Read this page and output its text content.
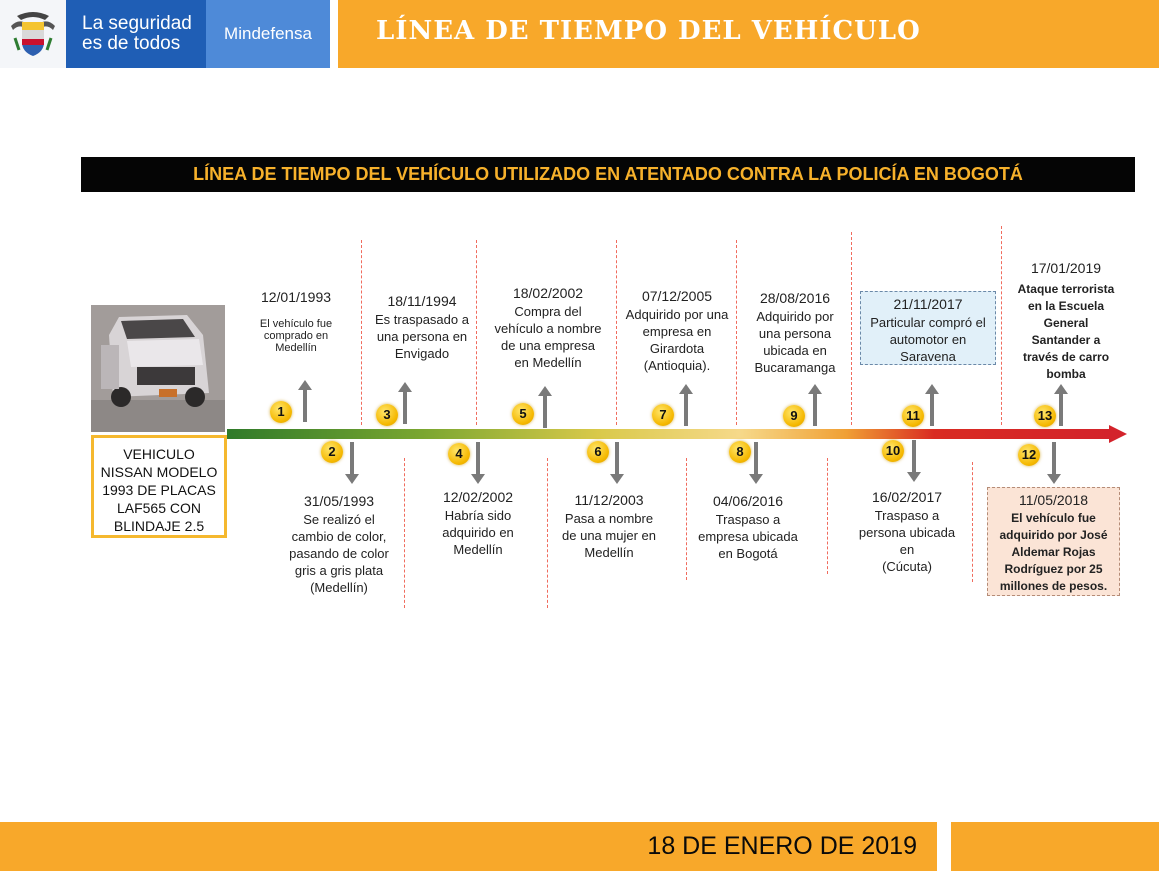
La seguridad
es de todos	Mindefensa	LÍNEA DE TIEMPO DEL VEHÍCULO
LÍNEA DE TIEMPO DEL VEHÍCULO UTILIZADO EN ATENTADO CONTRA LA POLICÍA EN BOGOTÁ
VEHICULO
NISSAN MODELO
1993 DE PLACAS
LAF565 CON
BLINDAJE 2.5
1
2
3
4
5
6
7
8
9
10
11
12
13
12/01/1993
El vehículo fue
comprado en
Medellín
18/11/1994
Es traspasado a
una persona en
Envigado
18/02/2002
Compra del
vehículo a nombre
de una empresa
en Medellín
07/12/2005
Adquirido por una
empresa en
Girardota
(Antioquia).
28/08/2016
Adquirido por
una persona
ubicada en
Bucaramanga
21/11/2017
Particular compró el
automotor en
Saravena
17/01/2019
Ataque terrorista
en la Escuela
General
Santander a
través de carro
bomba
31/05/1993
Se realizó el
cambio de color,
pasando de color
gris a gris plata
(Medellín)
12/02/2002
Habría sido
adquirido en
Medellín
11/12/2003
Pasa a nombre
de una mujer en
Medellín
04/06/2016
Traspaso a
empresa ubicada
en Bogotá
16/02/2017
Traspaso a
persona ubicada
en
(Cúcuta)
11/05/2018
El vehículo fue
adquirido por José
Aldemar Rojas
Rodríguez por 25
millones de pesos.
18 DE ENERO DE 2019
